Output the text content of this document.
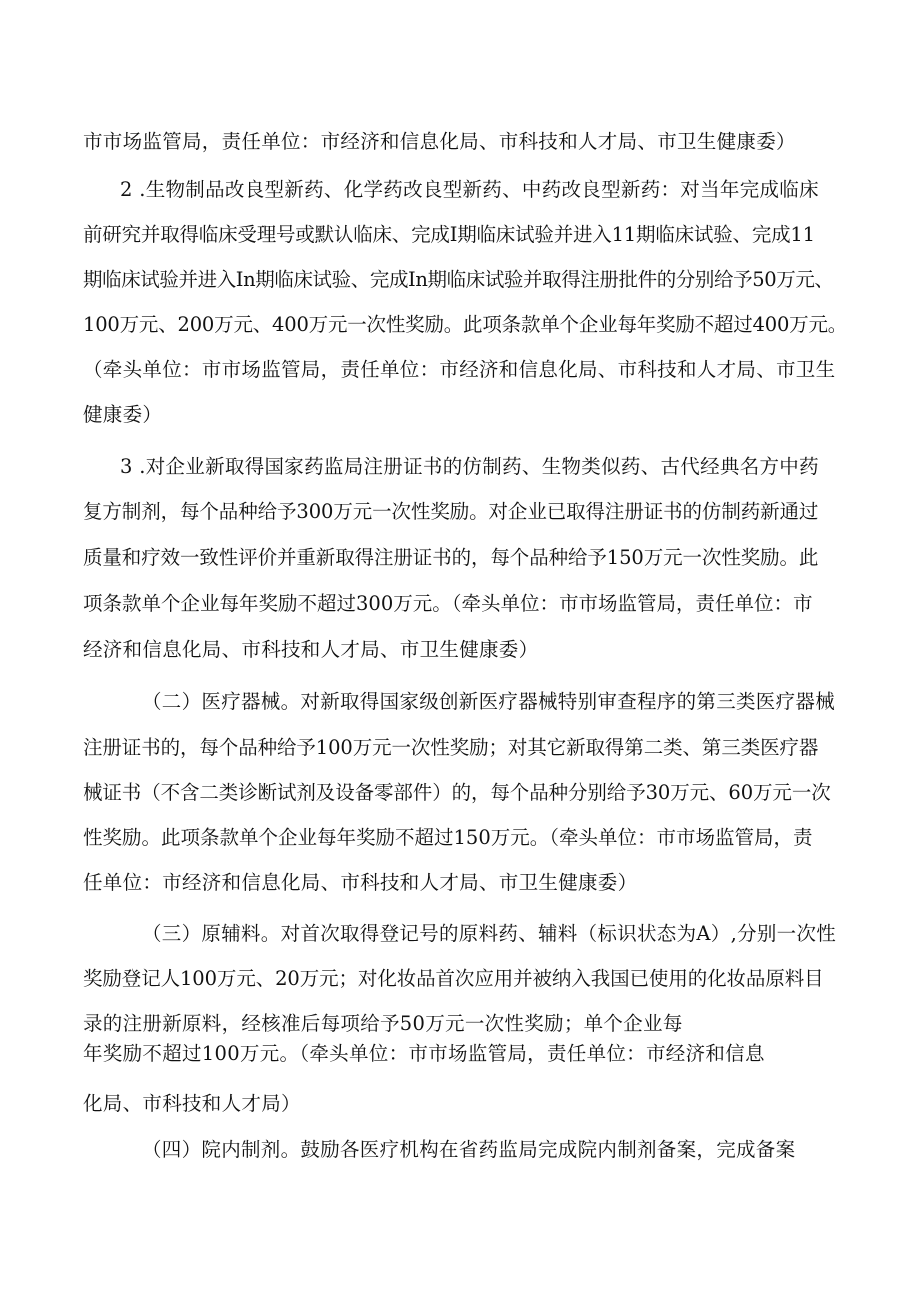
市市场监管局，责任单位：市经济和信息化局、市科技和人才局、市卫生健康委）
2 .生物制品改良型新药、化学药改良型新药、中药改良型新药：对当年完成临床
前研究并取得临床受理号或默认临床、完成I期临床试验并进入11期临床试验、完成11
期临床试验并进入In期临床试验、完成In期临床试验并取得注册批件的分别给予50万元、
100万元、200万元、400万元一次性奖励。此项条款单个企业每年奖励不超过400万元。
（牵头单位：市市场监管局，责任单位：市经济和信息化局、市科技和人才局、市卫生
健康委）
3 .对企业新取得国家药监局注册证书的仿制药、生物类似药、古代经典名方中药
复方制剂，每个品种给予300万元一次性奖励。对企业已取得注册证书的仿制药新通过
质量和疗效一致性评价并重新取得注册证书的，每个品种给予150万元一次性奖励。此
项条款单个企业每年奖励不超过300万元。（牵头单位：市市场监管局，责任单位：市
经济和信息化局、市科技和人才局、市卫生健康委）
（二）医疗器械。对新取得国家级创新医疗器械特别审查程序的第三类医疗器械
注册证书的，每个品种给予100万元一次性奖励；对其它新取得第二类、第三类医疗器
械证书（不含二类诊断试剂及设备零部件）的，每个品种分别给予30万元、60万元一次
性奖励。此项条款单个企业每年奖励不超过150万元。（牵头单位：市市场监管局，责
任单位：市经济和信息化局、市科技和人才局、市卫生健康委）
（三）原辅料。对首次取得登记号的原料药、辅料（标识状态为A）,分别一次性
奖励登记人100万元、20万元；对化妆品首次应用并被纳入我国已使用的化妆品原料目
录的注册新原料，经核准后每项给予50万元一次性奖励；单个企业每
年奖励不超过100万元。（牵头单位：市市场监管局，责任单位：市经济和信息
化局、市科技和人才局）
（四）院内制剂。鼓励各医疗机构在省药监局完成院内制剂备案，完成备案
